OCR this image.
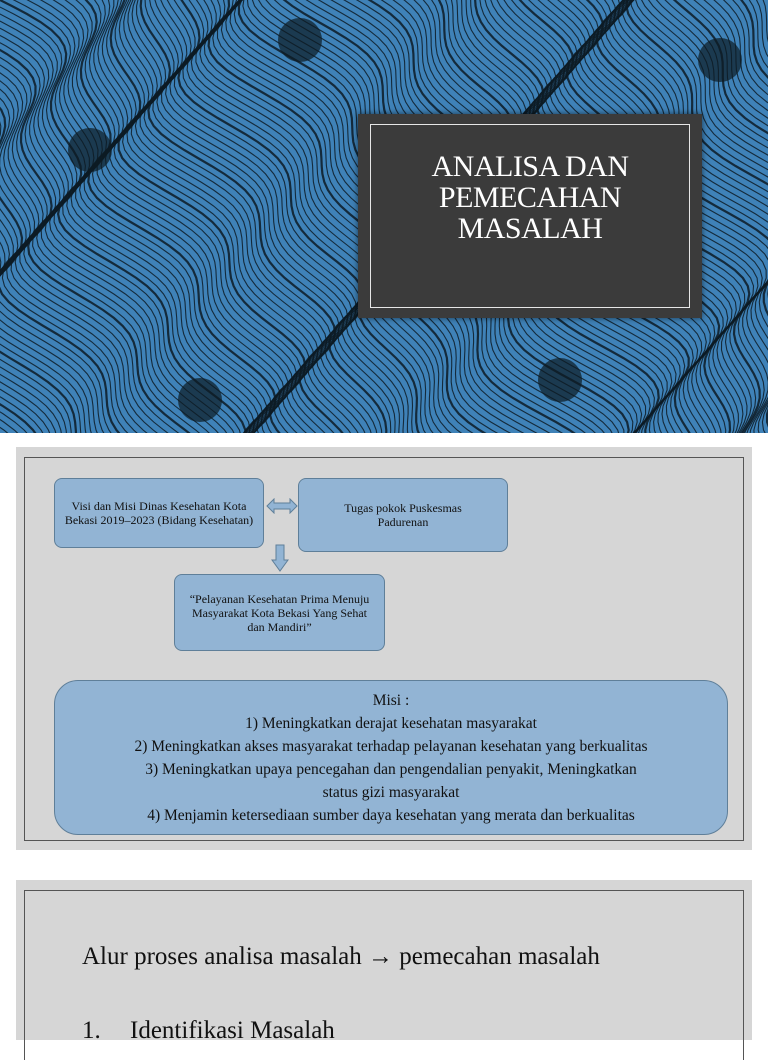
ANALISA DAN
PEMECAHAN
MASALAH
Visi dan Misi Dinas Kesehatan Kota Bekasi 2019–2023 (Bidang Kesehatan)
Tugas pokok Puskesmas Padurenan
“Pelayanan Kesehatan Prima Menuju Masyarakat Kota Bekasi Yang Sehat dan Mandiri”
Misi :
1) Meningkatkan derajat kesehatan masyarakat
2) Meningkatkan akses masyarakat terhadap pelayanan kesehatan yang berkualitas
3) Meningkatkan upaya pencegahan dan pengendalian penyakit, Meningkatkan
status gizi masyarakat
4) Menjamin ketersediaan sumber daya kesehatan yang merata dan berkualitas
Alur proses analisa masalah → pemecahan masalah
1. Identifikasi Masalah
